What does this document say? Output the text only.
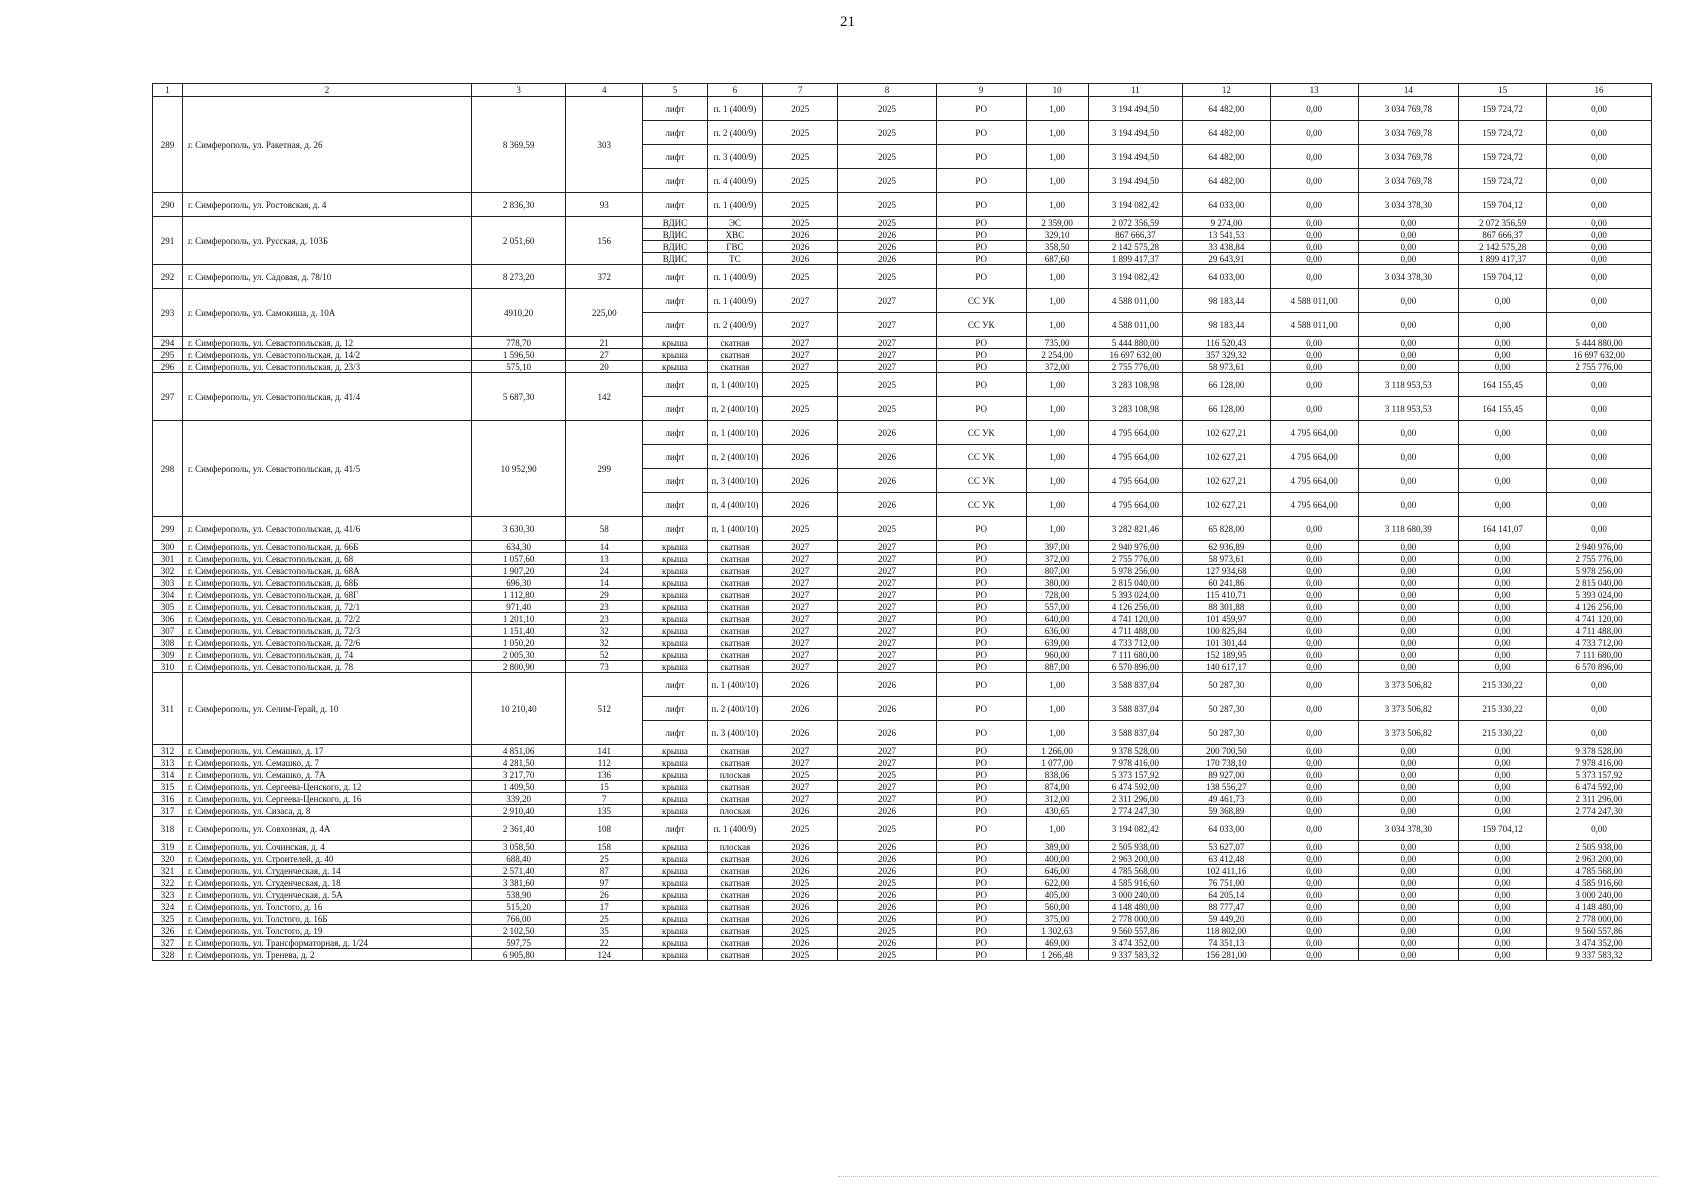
21
1	2	3	4	5	6	7	8	9	10	11	12	13	14	15	16
289	г. Симферополь, ул. Ракетная, д. 26	8 369,59	303	лифт	п. 1 (400/9)	2025	2025	РО	1,00	3 194 494,50	64 482,00	0,00	3 034 769,78	159 724,72	0,00
				лифт	п. 2 (400/9)	2025	2025	РО	1,00	3 194 494,50	64 482,00	0,00	3 034 769,78	159 724,72	0,00
				лифт	п. 3 (400/9)	2025	2025	РО	1,00	3 194 494,50	64 482,00	0,00	3 034 769,78	159 724,72	0,00
				лифт	п. 4 (400/9)	2025	2025	РО	1,00	3 194 494,50	64 482,00	0,00	3 034 769,78	159 724,72	0,00
290	г. Симферополь, ул. Ростовская, д. 4	2 836,30	93	лифт	п. 1 (400/9)	2025	2025	РО	1,00	3 194 082,42	64 033,00	0,00	3 034 378,30	159 704,12	0,00
291	г. Симферополь, ул. Русская, д. 103Б	2 051,60	156	ВДИС	ЭС	2025	2025	РО	2 359,00	2 072 356,59	9 274,00	0,00	0,00	2 072 356,59	0,00
				ВДИС	ХВС	2026	2026	РО	329,10	867 666,37	13 541,53	0,00	0,00	867 666,37	0,00
				ВДИС	ГВС	2026	2026	РО	358,50	2 142 575,28	33 438,84	0,00	0,00	2 142 575,28	0,00
				ВДИС	ТС	2026	2026	РО	687,60	1 899 417,37	29 643,91	0,00	0,00	1 899 417,37	0,00
292	г. Симферополь, ул. Садовая, д. 78/10	8 273,20	372	лифт	п. 1 (400/9)	2025	2025	РО	1,00	3 194 082,42	64 033,00	0,00	3 034 378,30	159 704,12	0,00
293	г. Симферополь, ул. Самокиша, д. 10А	4910,20	225,00	лифт	п. 1 (400/9)	2027	2027	СС УК	1,00	4 588 011,00	98 183,44	4 588 011,00	0,00	0,00	0,00
				лифт	п. 2 (400/9)	2027	2027	СС УК	1,00	4 588 011,00	98 183,44	4 588 011,00	0,00	0,00	0,00
294	г. Симферополь, ул. Севастопольская, д. 12	778,70	21	крыша	скатная	2027	2027	РО	735,00	5 444 880,00	116 520,43	0,00	0,00	0,00	5 444 880,00
295	г. Симферополь, ул. Севастопольская, д. 14/2	1 596,50	27	крыша	скатная	2027	2027	РО	2 254,00	16 697 632,00	357 329,32	0,00	0,00	0,00	16 697 632,00
296	г. Симферополь, ул. Севастопольская, д. 23/3	575,10	20	крыша	скатная	2027	2027	РО	372,00	2 755 776,00	58 973,61	0,00	0,00	0,00	2 755 776,00
297	г. Симферополь, ул. Севастопольская, д. 41/4	5 687,30	142	лифт	п. 1 (400/10)	2025	2025	РО	1,00	3 283 108,98	66 128,00	0,00	3 118 953,53	164 155,45	0,00
				лифт	п. 2 (400/10)	2025	2025	РО	1,00	3 283 108,98	66 128,00	0,00	3 118 953,53	164 155,45	0,00
298	г. Симферополь, ул. Севастопольская, д. 41/5	10 952,90	299	лифт	п. 1 (400/10)	2026	2026	СС УК	1,00	4 795 664,00	102 627,21	4 795 664,00	0,00	0,00	0,00
				лифт	п. 2 (400/10)	2026	2026	СС УК	1,00	4 795 664,00	102 627,21	4 795 664,00	0,00	0,00	0,00
				лифт	п. 3 (400/10)	2026	2026	СС УК	1,00	4 795 664,00	102 627,21	4 795 664,00	0,00	0,00	0,00
				лифт	п. 4 (400/10)	2026	2026	СС УК	1,00	4 795 664,00	102 627,21	4 795 664,00	0,00	0,00	0,00
299	г. Симферополь, ул. Севастопольская, д. 41/6	3 630,30	58	лифт	п. 1 (400/10)	2025	2025	РО	1,00	3 282 821,46	65 828,00	0,00	3 118 680,39	164 141,07	0,00
300	г. Симферополь, ул. Севастопольская, д. 66Б	634,30	14	крыша	скатная	2027	2027	РО	397,00	2 940 976,00	62 936,89	0,00	0,00	0,00	2 940 976,00
301	г. Симферополь, ул. Севастопольская, д. 68	1 057,60	13	крыша	скатная	2027	2027	РО	372,00	2 755 776,00	58 973,61	0,00	0,00	0,00	2 755 776,00
302	г. Симферополь, ул. Севастопольская, д. 68А	1 907,20	24	крыша	скатная	2027	2027	РО	807,00	5 978 256,00	127 934,68	0,00	0,00	0,00	5 978 256,00
303	г. Симферополь, ул. Севастопольская, д. 68Б	696,30	14	крыша	скатная	2027	2027	РО	380,00	2 815 040,00	60 241,86	0,00	0,00	0,00	2 815 040,00
304	г. Симферополь, ул. Севастопольская, д. 68Г	1 112,80	29	крыша	скатная	2027	2027	РО	728,00	5 393 024,00	115 410,71	0,00	0,00	0,00	5 393 024,00
305	г. Симферополь, ул. Севастопольская, д. 72/1	971,40	23	крыша	скатная	2027	2027	РО	557,00	4 126 256,00	88 301,88	0,00	0,00	0,00	4 126 256,00
306	г. Симферополь, ул. Севастопольская, д. 72/2	1 201,10	23	крыша	скатная	2027	2027	РО	640,00	4 741 120,00	101 459,97	0,00	0,00	0,00	4 741 120,00
307	г. Симферополь, ул. Севастопольская, д. 72/3	1 151,40	32	крыша	скатная	2027	2027	РО	636,00	4 711 488,00	100 825,84	0,00	0,00	0,00	4 711 488,00
308	г. Симферополь, ул. Севастопольская, д. 72/6	1 050,20	32	крыша	скатная	2027	2027	РО	639,00	4 733 712,00	101 301,44	0,00	0,00	0,00	4 733 712,00
309	г. Симферополь, ул. Севастопольская, д. 74	2 005,30	52	крыша	скатная	2027	2027	РО	960,00	7 111 680,00	152 189,95	0,00	0,00	0,00	7 111 680,00
310	г. Симферополь, ул. Севастопольская, д. 78	2 800,90	73	крыша	скатная	2027	2027	РО	887,00	6 570 896,00	140 617,17	0,00	0,00	0,00	6 570 896,00
311	г. Симферополь, ул. Селим-Герай, д. 10	10 210,40	512	лифт	п. 1 (400/10)	2026	2026	РО	1,00	3 588 837,04	50 287,30	0,00	3 373 506,82	215 330,22	0,00
				лифт	п. 2 (400/10)	2026	2026	РО	1,00	3 588 837,04	50 287,30	0,00	3 373 506,82	215 330,22	0,00
				лифт	п. 3 (400/10)	2026	2026	РО	1,00	3 588 837,04	50 287,30	0,00	3 373 506,82	215 330,22	0,00
312	г. Симферополь, ул. Семашко, д. 17	4 851,06	141	крыша	скатная	2027	2027	РО	1 266,00	9 378 528,00	200 700,50	0,00	0,00	0,00	9 378 528,00
313	г. Симферополь, ул. Семашко, д. 7	4 281,50	112	крыша	скатная	2027	2027	РО	1 077,00	7 978 416,00	170 738,10	0,00	0,00	0,00	7 978 416,00
314	г. Симферополь, ул. Семашко, д. 7А	3 217,70	136	крыша	плоская	2025	2025	РО	838,06	5 373 157,92	89 927,00	0,00	0,00	0,00	5 373 157,92
315	г. Симферополь, ул. Сергеева-Ценского, д. 12	1 409,50	15	крыша	скатная	2027	2027	РО	874,00	6 474 592,00	138 556,27	0,00	0,00	0,00	6 474 592,00
316	г. Симферополь, ул. Сергеева-Ценского, д. 16	339,20	7	крыша	скатная	2027	2027	РО	312,00	2 311 296,00	49 461,73	0,00	0,00	0,00	2 311 296,00
317	г. Симферополь, ул. Сизаса, д. 8	2 910,40	135	крыша	плоская	2026	2026	РО	430,65	2 774 247,30	59 368,89	0,00	0,00	0,00	2 774 247,30
318	г. Симферополь, ул. Совхозная, д. 4А	2 361,40	108	лифт	п. 1 (400/9)	2025	2025	РО	1,00	3 194 082,42	64 033,00	0,00	3 034 378,30	159 704,12	0,00
319	г. Симферополь, ул. Сочинская, д. 4	3 058,50	158	крыша	плоская	2026	2026	РО	389,00	2 505 938,00	53 627,07	0,00	0,00	0,00	2 505 938,00
320	г. Симферополь, ул. Строителей, д. 40	688,40	25	крыша	скатная	2026	2026	РО	400,00	2 963 200,00	63 412,48	0,00	0,00	0,00	2 963 200,00
321	г. Симферополь, ул. Студенческая, д. 14	2 571,40	87	крыша	скатная	2026	2026	РО	646,00	4 785 568,00	102 411,16	0,00	0,00	0,00	4 785 568,00
322	г. Симферополь, ул. Студенческая, д. 18	3 381,60	97	крыша	скатная	2025	2025	РО	622,00	4 585 916,60	76 751,00	0,00	0,00	0,00	4 585 916,60
323	г. Симферополь, ул. Студенческая, д. 5А	538,90	26	крыша	скатная	2026	2026	РО	405,00	3 000 240,00	64 205,14	0,00	0,00	0,00	3 000 240,00
324	г. Симферополь, ул. Толстого, д. 16	515,20	17	крыша	скатная	2026	2026	РО	560,00	4 148 480,00	88 777,47	0,00	0,00	0,00	4 148 480,00
325	г. Симферополь, ул. Толстого, д. 16Б	766,00	25	крыша	скатная	2026	2026	РО	375,00	2 778 000,00	59 449,20	0,00	0,00	0,00	2 778 000,00
326	г. Симферополь, ул. Толстого, д. 19	2 102,50	35	крыша	скатная	2025	2025	РО	1 302,63	9 560 557,86	118 802,00	0,00	0,00	0,00	9 560 557,86
327	г. Симферополь, ул. Трансформаторная, д. 1/24	597,75	22	крыша	скатная	2026	2026	РО	469,00	3 474 352,00	74 351,13	0,00	0,00	0,00	3 474 352,00
328	г. Симферополь, ул. Тренева, д. 2	6 905,80	124	крыша	скатная	2025	2025	РО	1 266,48	9 337 583,32	156 281,00	0,00	0,00	0,00	9 337 583,32
